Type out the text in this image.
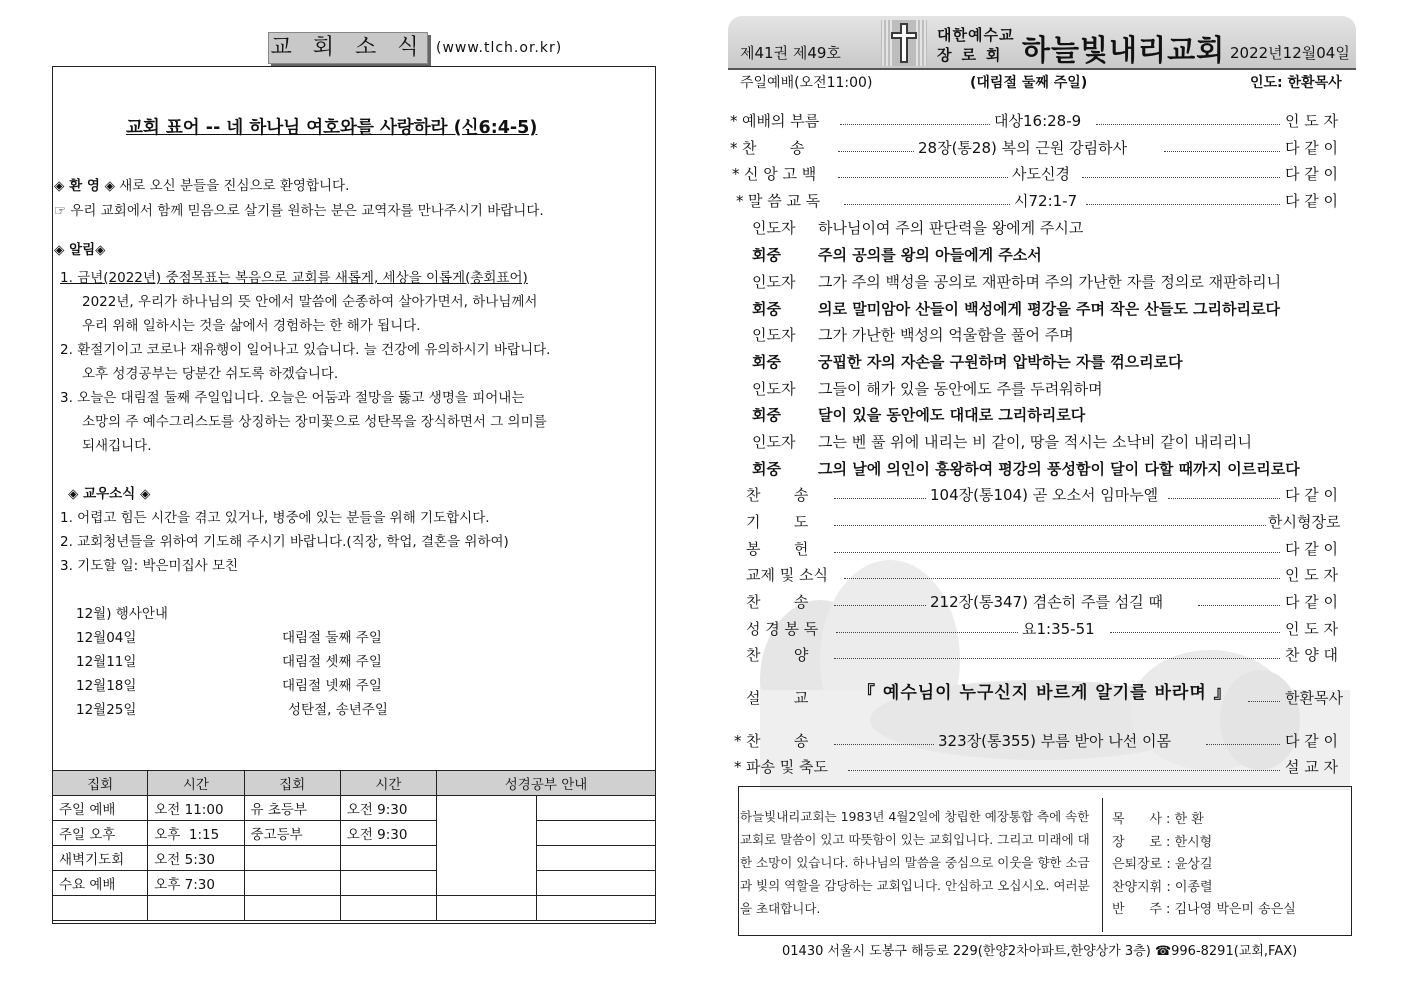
교 회 소 식 (www.tlch.or.kr)
교회 표어 -- 네 하나님 여호와를 사랑하라 (신6:4-5)
◈ 환 영 ◈ 새로 오신 분들을 진심으로 환영합니다.
☞ 우리 교회에서 함께 믿음으로 살기를 원하는 분은 교역자를 만나주시기 바랍니다.
◈ 알림◈
1. 금년(2022년) 중점목표는 복음으로 교회를 새롭게, 세상을 이롭게(총회표어)
2022년, 우리가 하나님의 뜻 안에서 말씀에 순종하여 살아가면서, 하나님께서
우리 위해 일하시는 것을 삶에서 경험하는 한 해가 됩니다.
2. 환절기이고 코로나 재유행이 일어나고 있습니다. 늘 건강에 유의하시기 바랍니다.
오후 성경공부는 당분간 쉬도록 하겠습니다.
3. 오늘은 대림절 둘째 주일입니다. 오늘은 어둠과 절망을 뚫고 생명을 피어내는
소망의 주 예수그리스도를 상징하는 장미꽃으로 성탄목을 장식하면서 그 의미를
되새깁니다.
◈ 교우소식 ◈
1. 어렵고 힘든 시간을 겪고 있거나, 병중에 있는 분들을 위해 기도합시다.
2. 교회청년들을 위하여 기도해 주시기 바랍니다.(직장, 학업, 결혼을 위하여)
3. 기도할 일: 박은미집사 모친
12월) 행사안내
12월04일	대림절 둘째 주일
12월11일	대림절 셋째 주일
12월18일	대림절 넷째 주일
12월25일	성탄절, 송년주일
집회	시간	집회	시간	성경공부 안내	
주일 예배	오전 11:00	유 초등부	오전 9:30		
주일 오후	오후  1:15	중고등부	오전 9:30		
새벽기도회	오전 5:30				
수요 예배	오후 7:30				

제41권 제49호
대한예수교
장로회 하늘빛내리교회 2022년12월04일
주일예배(오전11:00)	(대림절 둘째 주일)	인도: 한환목사
* 예배의 부름	대상16:28-9	인 도 자
* 찬       송	28장(통28) 복의 근원 강림하사	다 같 이
* 신 앙 고 백	사도신경	다 같 이
* 말 씀 교 독	시72:1-7	다 같 이
인도자 하나님이여 주의 판단력을 왕에게 주시고
회중 주의 공의를 왕의 아들에게 주소서
인도자 그가 주의 백성을 공의로 재판하며 주의 가난한 자를 정의로 재판하리니
회중 의로 말미암아 산들이 백성에게 평강을 주며 작은 산들도 그리하리로다
인도자 그가 가난한 백성의 억울함을 풀어 주며
회중 궁핍한 자의 자손을 구원하며 압박하는 자를 꺾으리로다
인도자 그들이 해가 있을 동안에도 주를 두려워하며
회중 달이 있을 동안에도 대대로 그리하리로다
인도자 그는 벤 풀 위에 내리는 비 같이, 땅을 적시는 소낙비 같이 내리리니
회중 그의 날에 의인이 흥왕하여 평강의 풍성함이 달이 다할 때까지 이르리로다
찬       송	104장(통104) 곧 오소서 임마누엘	다 같 이
기       도	한시형장로
봉       헌	다 같 이
교제 및 소식	인 도 자
찬       송	212장(통347) 겸손히 주를 섬길 때	다 같 이
성 경 봉 독	요1:35-51	인 도 자
찬       양	찬 양 대
설       교	『 예수님이 누구신지 바르게 알기를 바라며 』	한환목사
* 찬       송	323장(통355) 부름 받아 나선 이몸	다 같 이
* 파송 및 축도	설 교 자
하늘빛내리교회는 1983년 4월2일에 창립한 예장통합 측에 속한 교회로 말씀이 있고 따뜻함이 있는 교회입니다. 그리고 미래에 대한 소망이 있습니다. 하나님의 말씀을 중심으로 이웃을 향한 소금과 빛의 역할을 감당하는 교회입니다. 안심하고 오십시오. 여러분을 초대합니다.
목      사 : 한 환
장      로 : 한시형
은퇴장로 : 윤상길
찬양지휘 : 이종렬
반      주 : 김나영 박은미 송은실
01430 서울시 도봉구 해등로 229(한양2차아파트,한양상가 3층) ☎996-8291(교회,FAX)
